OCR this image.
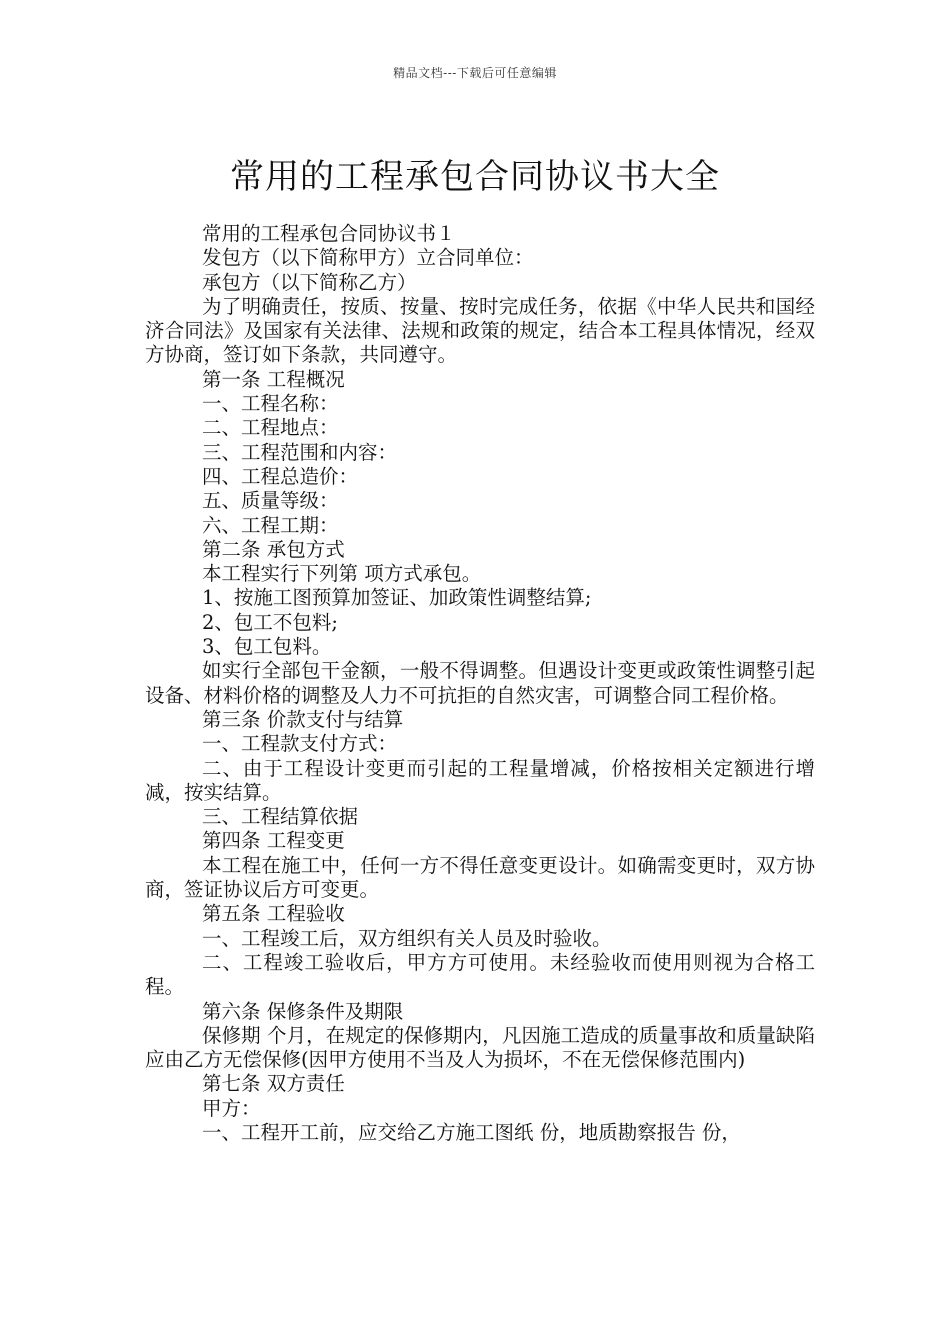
精品文档---下载后可任意编辑
常用的工程承包合同协议书大全

常用的工程承包合同协议书１

发包方（以下简称甲方）立合同单位：

承包方（以下简称乙方）

为了明确责任，按质、按量、按时完成任务，依据《中华人民共和国经济合同法》及国家有关法律、法规和政策的规定，结合本工程具体情况，经双方协商，签订如下条款，共同遵守。

第一条 工程概况

一、工程名称：

二、工程地点：

三、工程范围和内容：

四、工程总造价：

五、质量等级：

六、工程工期：

第二条 承包方式

本工程实行下列第 项方式承包。

1、按施工图预算加签证、加政策性调整结算;

2、包工不包料;

3、包工包料。

如实行全部包干金额，一般不得调整。但遇设计变更或政策性调整引起设备、材料价格的调整及人力不可抗拒的自然灾害，可调整合同工程价格。

第三条 价款支付与结算

一、工程款支付方式：

二、由于工程设计变更而引起的工程量增减，价格按相关定额进行增减，按实结算。

三、工程结算依据

第四条 工程变更

本工程在施工中，任何一方不得任意变更设计。如确需变更时，双方协商，签证协议后方可变更。

第五条 工程验收

一、工程竣工后，双方组织有关人员及时验收。

二、工程竣工验收后，甲方方可使用。未经验收而使用则视为合格工程。

第六条 保修条件及期限

保修期 个月，在规定的保修期内，凡因施工造成的质量事故和质量缺陷应由乙方无偿保修(因甲方使用不当及人为损坏，不在无偿保修范围内)

第七条 双方责任

甲方：

一、工程开工前，应交给乙方施工图纸 份，地质勘察报告 份，
